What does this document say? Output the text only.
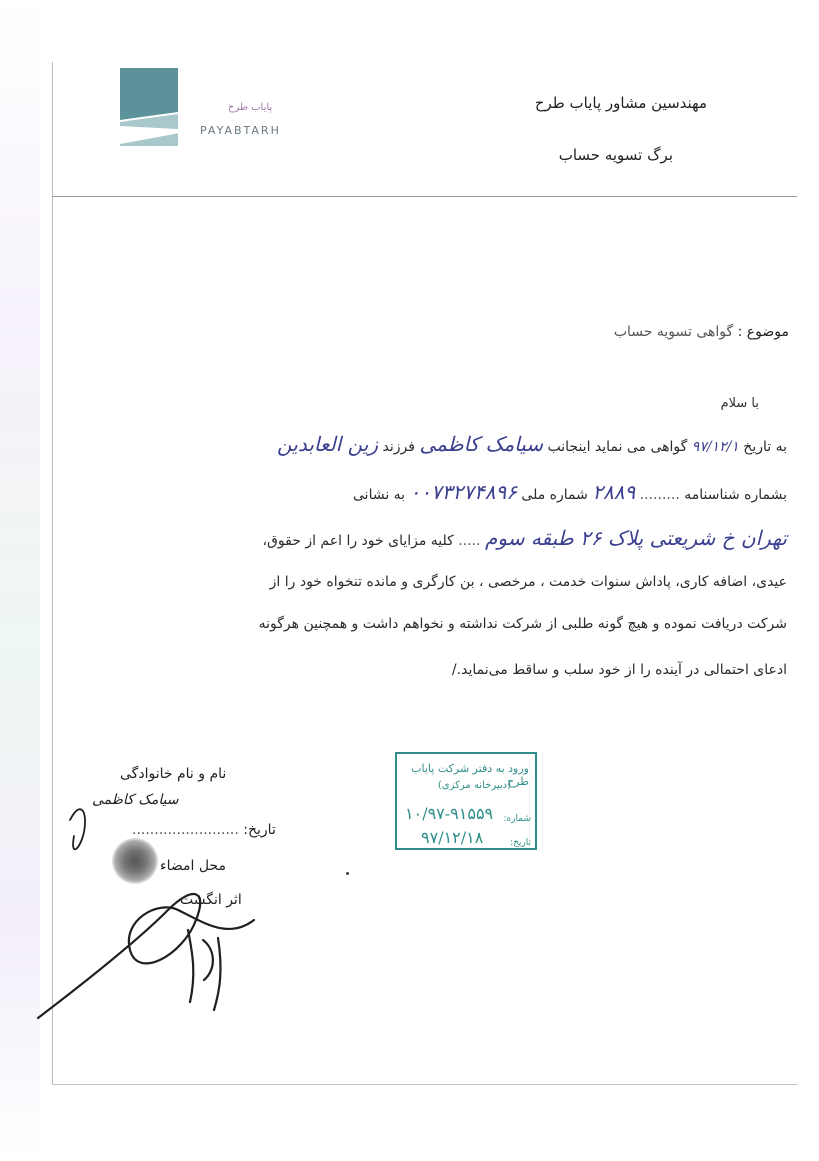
پایاب طرح
PAYABTARH
مهندسین مشاور پایاب طرح
برگ تسویه حساب
موضوع : گواهی تسویه حساب
با سلام
به تاریخ ۹۷/۱۲/۱ گواهی می نماید اینجانب سیامک کاظمی فرزند زین العابدین
بشماره شناسنامه ......... ۲۸۸۹ شماره ملی ۰۰۷۳۲۷۴۸۹۶ به نشانی
تهران خ شریعتی پلاک ۲۶ طبقه سوم ..... کلیه مزایای خود را اعم از حقوق،
عیدی، اضافه کاری، پاداش سنوات خدمت ، مرخصی ، بن کارگری و مانده تنخواه خود را از
شرکت دریافت نموده و هیچ گونه طلبی از شرکت نداشته و نخواهم داشت و همچنین هرگونه
ادعای احتمالی در آینده را از خود سلب و ساقط می‌نماید./
ورود به دفتر شرکت پایاب طرح
(دبیرخانه مرکزی)
شماره:
تاریخ:
۱۰/۹۷-۹۱۵۵۹
۹۷/۱۲/۱۸
نام و نام خانوادگی
سیامک کاظمی
تاریخ: ........................
محل امضاء
اثر انگشت
